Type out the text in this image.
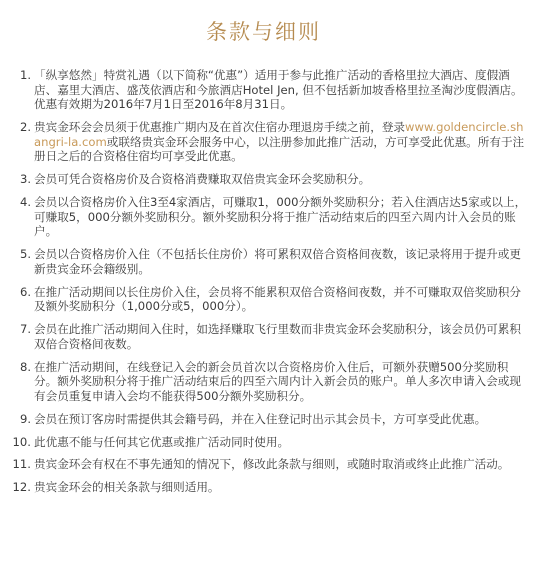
条款与细则
1. 「纵享悠然」特赏礼遇（以下简称“优惠”）适用于参与此推广活动的香格里拉大酒店、度假酒店、嘉里大酒店、盛茂依酒店和今旅酒店Hotel Jen, 但不包括新加坡香格里拉圣淘沙度假酒店。优惠有效期为2016年7月1日至2016年8月31日。
2. 贵宾金环会会员须于优惠推广期内及在首次住宿办理退房手续之前，登录www.goldencircle.shangri-la.com或联络贵宾金环会服务中心，以注册参加此推广活动，方可享受此优惠。所有于注册日之后的合资格住宿均可享受此优惠。
3. 会员可凭合资格房价及合资格消费赚取双倍贵宾金环会奖励积分。
4. 会员以合资格房价入住3至4家酒店，可赚取1，000分额外奖励积分；若入住酒店达5家或以上，可赚取5，000分额外奖励积分。额外奖励积分将于推广活动结束后的四至六周内计入会员的账户。
5. 会员以合资格房价入住（不包括长住房价）将可累积双倍合资格间夜数，该记录将用于提升或更新贵宾金环会籍级别。
6. 在推广活动期间以长住房价入住，会员将不能累积双倍合资格间夜数，并不可赚取双倍奖励积分及额外奖励积分（1,000分或5，000分）。
7. 会员在此推广活动期间入住时，如选择赚取飞行里数而非贵宾金环会奖励积分，该会员仍可累积双倍合资格间夜数。
8. 在推广活动期间，在线登记入会的新会员首次以合资格房价入住后，可额外获赠500分奖励积分。额外奖励积分将于推广活动结束后的四至六周内计入新会员的账户。单人多次申请入会或现有会员重复申请入会均不能获得500分额外奖励积分。
9. 会员在预订客房时需提供其会籍号码，并在入住登记时出示其会员卡，方可享受此优惠。
10. 此优惠不能与任何其它优惠或推广活动同时使用。
11. 贵宾金环会有权在不事先通知的情况下，修改此条款与细则，或随时取消或终止此推广活动。
12. 贵宾金环会的相关条款与细则适用。
